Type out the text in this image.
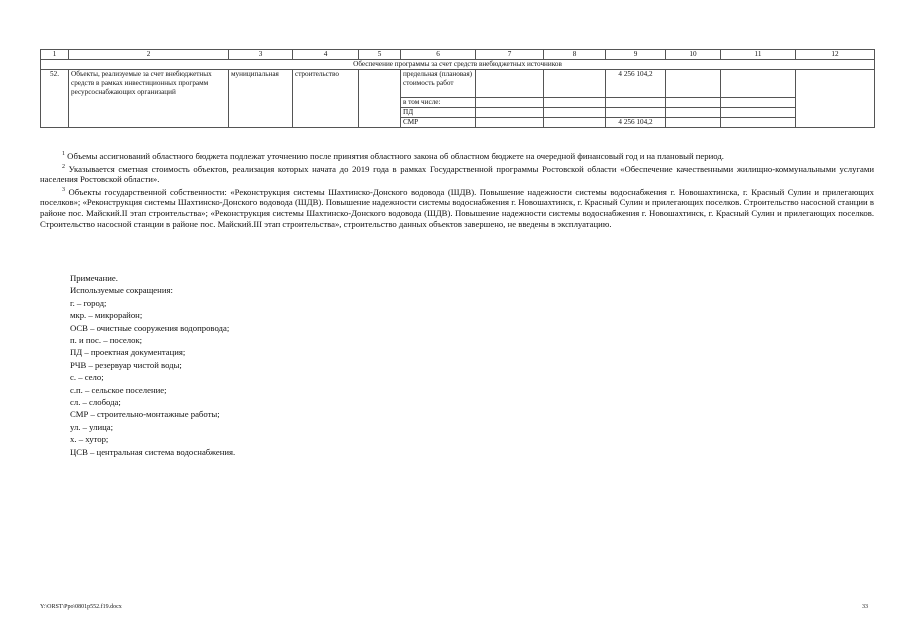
1	2	3	4	5	6	7	8	9	10	11	12
Обеспечение программы за счет средств внебюджетных источников											
52.	Объекты, реализуемые за счет внебюджетных средств в рамках инвестиционных программ ресурсоснабжающих организаций	муниципальная	строительство		предельная (плановая) стоимость работ			4 256 104,2			
					в том числе:						
					ПД						
					СМР			4 256 104,2			

$^1$ Объемы ассигнований областного бюджета подлежат уточнению после принятия областного закона об областном бюджете на очередной финансовый год и на плановый период.

$^2$ Указывается сметная стоимость объектов, реализация которых начата до 2019 года в рамках Государственной программы Ростовской области «Обеспечение качественными жилищно-коммунальными услугами населения Ростовской области».

$^3$ Объекты государственной собственности: «Реконструкция системы Шахтинско-Донского водовода (ШДВ). Повышение надежности системы водоснабжения г. Новошахтинска, г. Красный Сулин и прилегающих поселков»; «Реконструкция системы Шахтинско-Донского водовода (ШДВ). Повышение надежности системы водоснабжения г. Новошахтинск, г. Красный Сулин и прилегающих поселков. Строительство насосной станции в районе пос. Майский.II этап строительства»; «Реконструкция системы Шахтинско-Донского водовода (ШДВ). Повышение надежности системы водоснабжения г. Новошахтинск, г. Красный Сулин и прилегающих поселков. Строительство насосной станции в районе пос. Майский.III этап строительства», строительство данных объектов завершено, не введены в эксплуатацию.

Примечание.
Используемые сокращения:
г. – город;
мкр. – микрорайон;
ОСВ – очистные сооружения водопровода;
п. и пос. – поселок;
ПД – проектная документация;
РЧВ – резервуар чистой воды;
с. – село;
с.п. – сельское поселение;
сл. – слобода;
СМР – строительно-монтажные работы;
ул. – улица;
х. – хутор;
ЦСВ – центральная система водоснабжения.
Y:\ORST\Ppo\0801p552.f19.docx	33
